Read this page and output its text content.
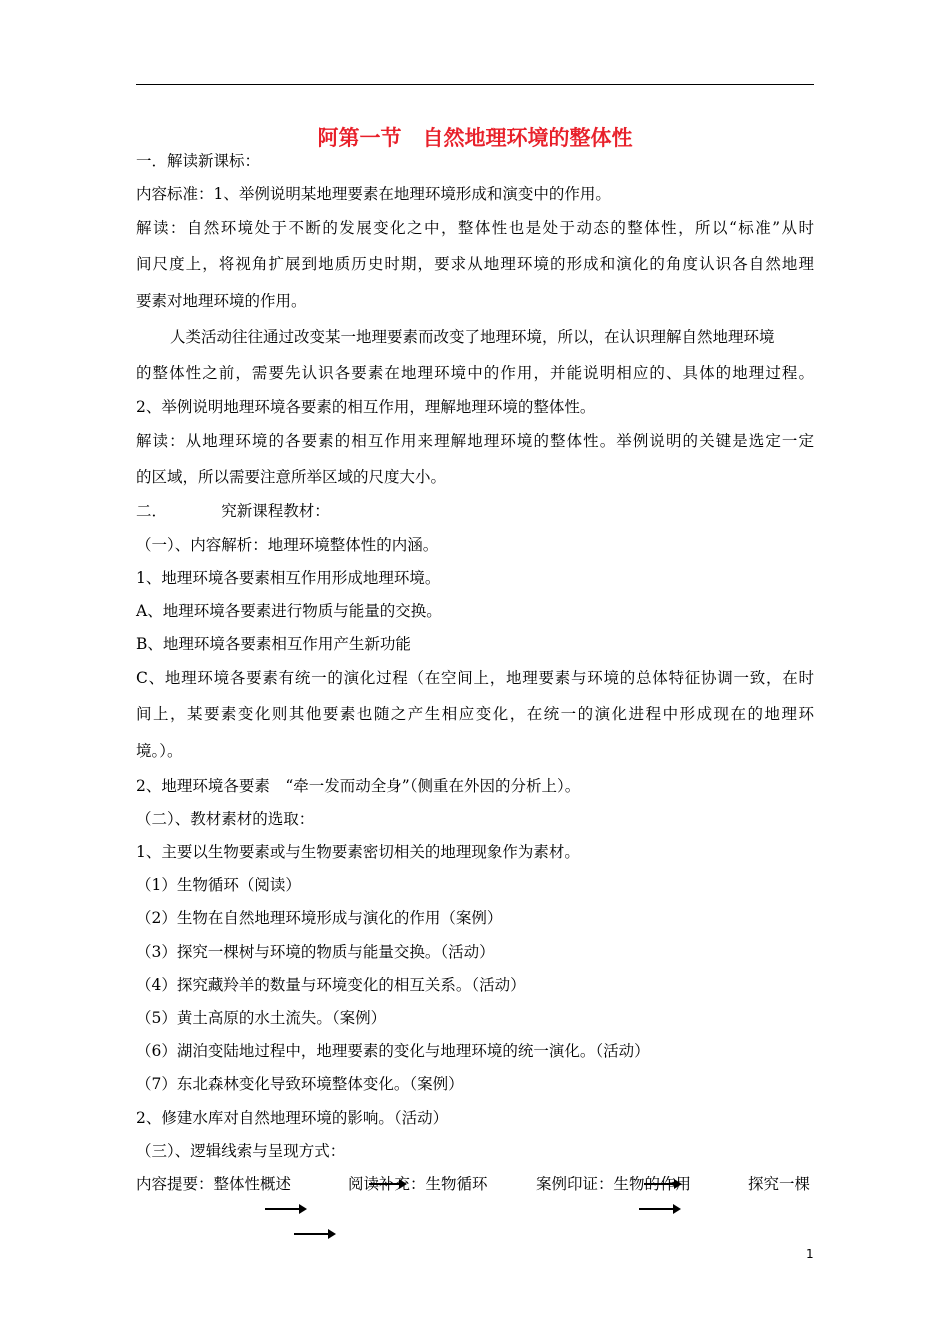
阿第一节　自然地理环境的整体性
一．解读新课标：
内容标准：1、举例说明某地理要素在地理环境形成和演变中的作用。
解读：自然环境处于不断的发展变化之中，整体性也是处于动态的整体性，所以“标准”从时
间尺度上，将视角扩展到地质历史时期，要求从地理环境的形成和演化的角度认识各自然地理
要素对地理环境的作用。
人类活动往往通过改变某一地理要素而改变了地理环境，所以，在认识理解自然地理环境
的整体性之前，需要先认识各要素在地理环境中的作用，并能说明相应的、具体的地理过程。
2、举例说明地理环境各要素的相互作用，理解地理环境的整体性。
解读：从地理环境的各要素的相互作用来理解地理环境的整体性。举例说明的关键是选定一定
的区域，所以需要注意所举区域的尺度大小。
二．　　　　究新课程教材：
（一）、内容解析：地理环境整体性的内涵。
1、地理环境各要素相互作用形成地理环境。
A、地理环境各要素进行物质与能量的交换。
B、地理环境各要素相互作用产生新功能
C、地理环境各要素有统一的演化过程（在空间上，地理要素与环境的总体特征协调一致，在时
间上，某要素变化则其他要素也随之产生相应变化，在统一的演化进程中形成现在的地理环
境。）。
2、地理环境各要素　“牵一发而动全身”（侧重在外因的分析上）。
（二）、教材素材的选取：
1、主要以生物要素或与生物要素密切相关的地理现象作为素材。
（1）生物循环（阅读）
（2）生物在自然地理环境形成与演化的作用（案例）
（3）探究一棵树与环境的物质与能量交换。（活动）
（4）探究藏羚羊的数量与环境变化的相互关系。（活动）
（5）黄土高原的水土流失。（案例）
（6）湖泊变陆地过程中，地理要素的变化与地理环境的统一演化。（活动）
（7）东北森林变化导致环境整体变化。（案例）
2、修建水库对自然地理环境的影响。（活动）
（三）、逻辑线索与呈现方式：
内容提要：整体性概述	阅读补充：生物循环	案例印证：生物的作用	探究一棵
1
